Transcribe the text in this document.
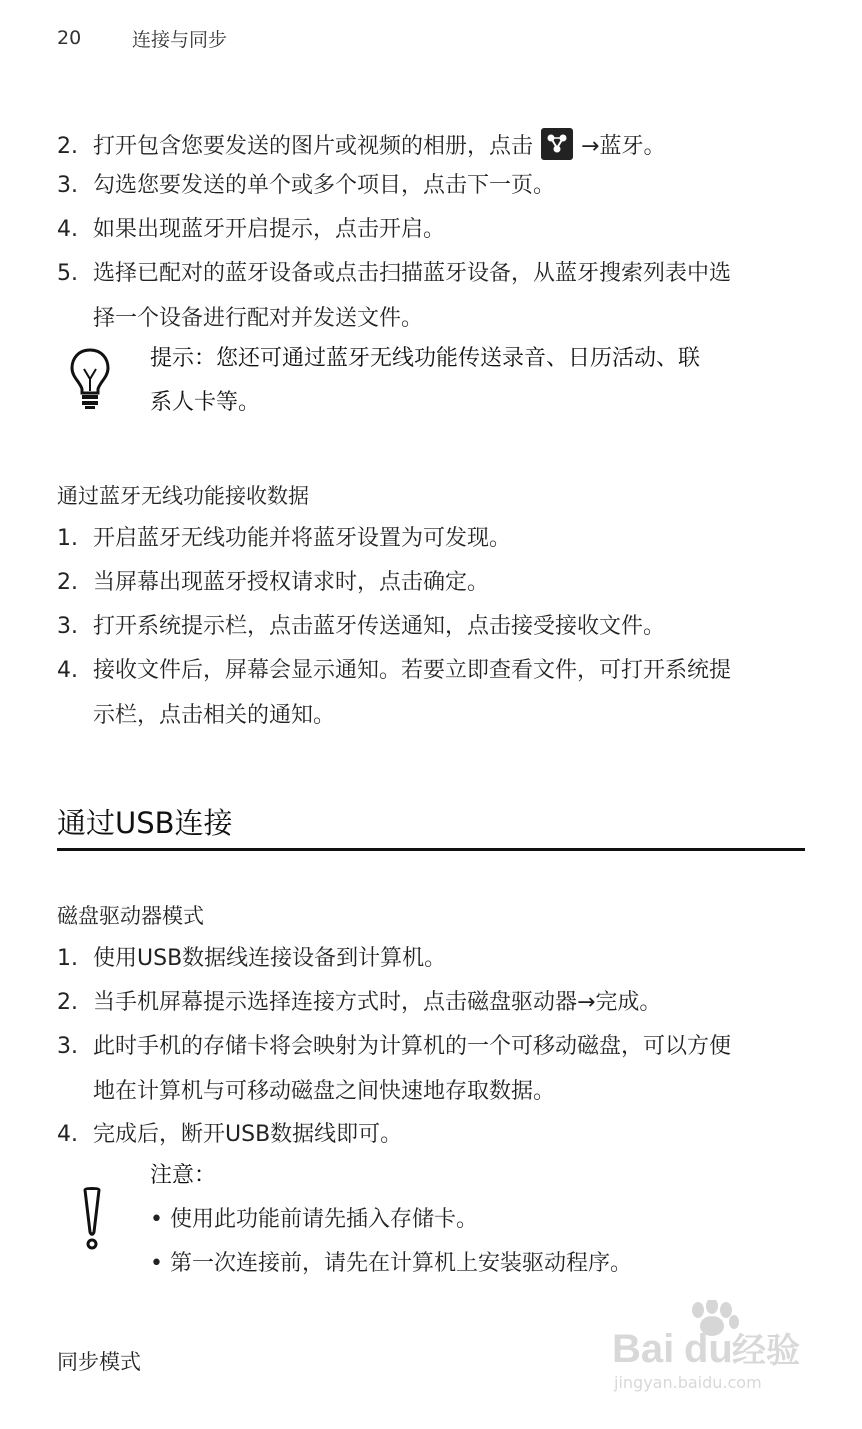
20	连接与同步
2. 打开包含您要发送的图片或视频的相册，点击 →蓝牙。
3. 勾选您要发送的单个或多个项目，点击下一页。
4. 如果出现蓝牙开启提示，点击开启。
5. 选择已配对的蓝牙设备或点击扫描蓝牙设备，从蓝牙搜索列表中选
择一个设备进行配对并发送文件。
提示：您还可通过蓝牙无线功能传送录音、日历活动、联
系人卡等。
通过蓝牙无线功能接收数据
1. 开启蓝牙无线功能并将蓝牙设置为可发现。
2. 当屏幕出现蓝牙授权请求时，点击确定。
3. 打开系统提示栏，点击蓝牙传送通知，点击接受接收文件。
4. 接收文件后，屏幕会显示通知。若要立即查看文件，可打开系统提
示栏，点击相关的通知。
通过USB连接
磁盘驱动器模式
1. 使用USB数据线连接设备到计算机。
2. 当手机屏幕提示选择连接方式时，点击磁盘驱动器→完成。
3. 此时手机的存储卡将会映射为计算机的一个可移动磁盘，可以方便
地在计算机与可移动磁盘之间快速地存取数据。
4. 完成后，断开USB数据线即可。
注意：
• 使用此功能前请先插入存储卡。
• 第一次连接前，请先在计算机上安装驱动程序。
同步模式	Bai du 经验
jingyan.baidu.com
